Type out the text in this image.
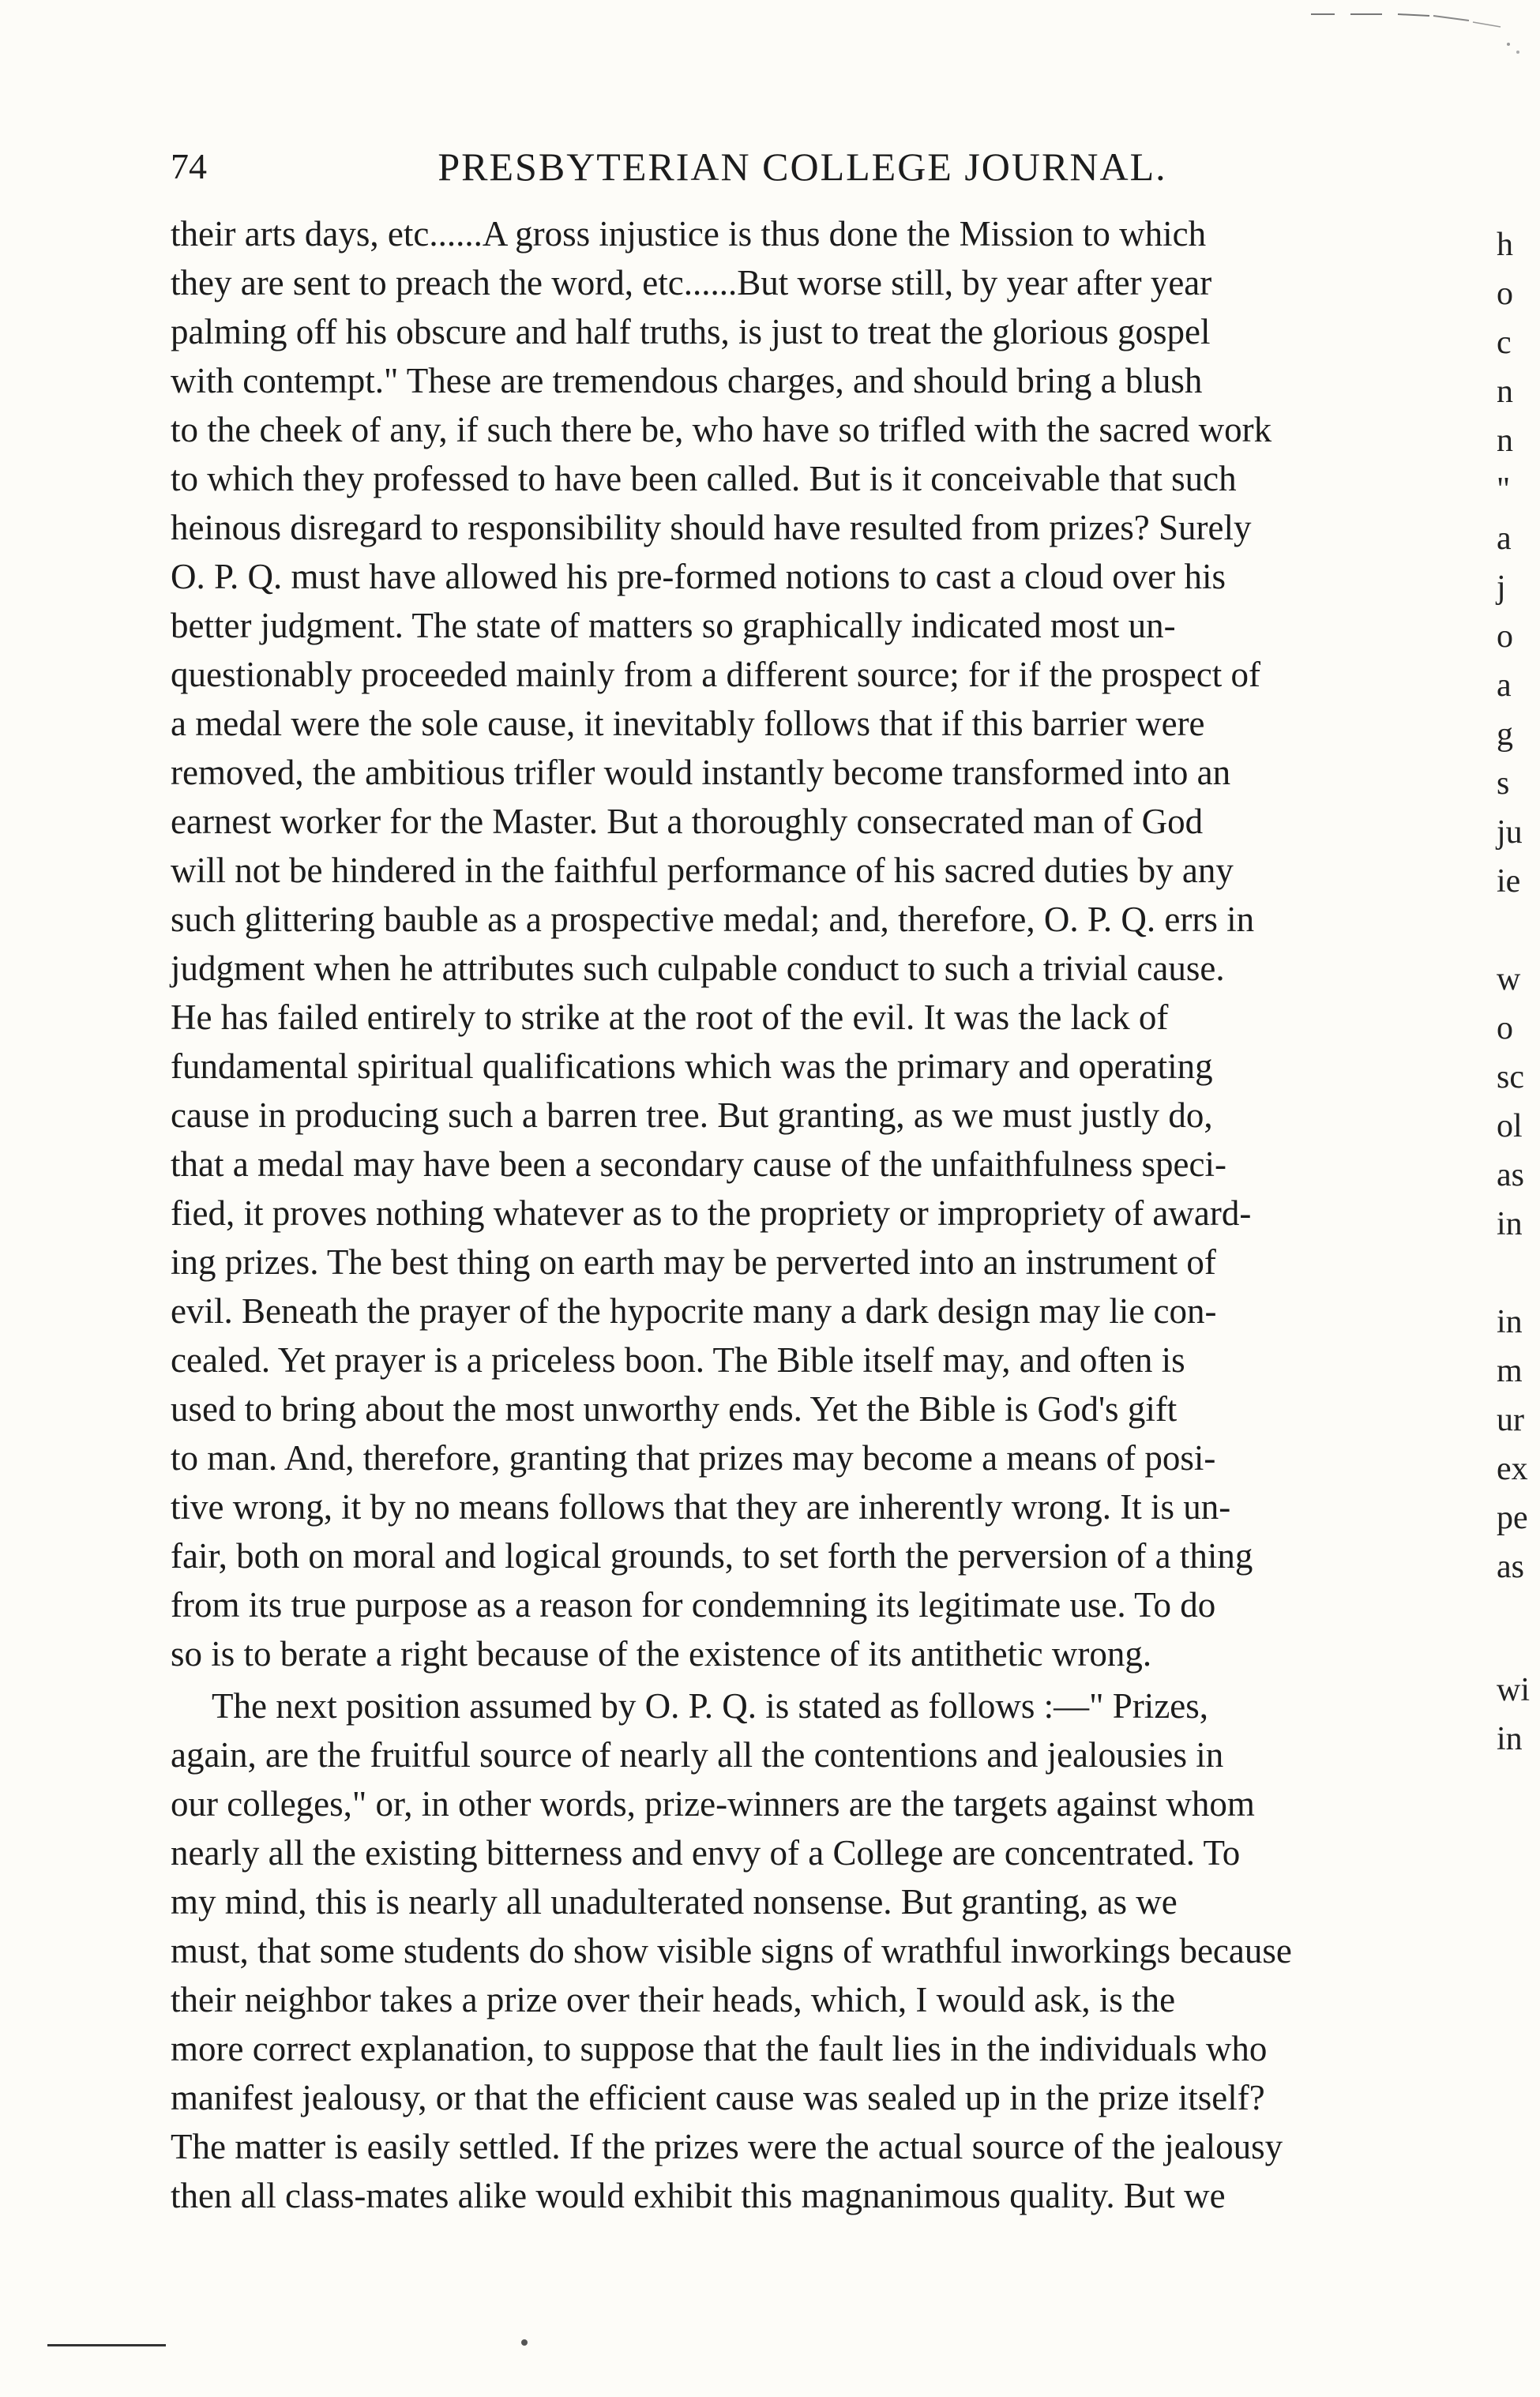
74	PRESBYTERIAN COLLEGE JOURNAL.
their arts days, etc......A gross injustice is thus done the Mission to which
they are sent to preach the word, etc......But worse still, by year after year
palming off his obscure and half truths, is just to treat the glorious gospel
with contempt." These are tremendous charges, and should bring a blush
to the cheek of any, if such there be, who have so trifled with the sacred work
to which they professed to have been called. But is it conceivable that such
heinous disregard to responsibility should have resulted from prizes? Surely
O. P. Q. must have allowed his pre-formed notions to cast a cloud over his
better judgment. The state of matters so graphically indicated most un-
questionably proceeded mainly from a different source; for if the prospect of
a medal were the sole cause, it inevitably follows that if this barrier were
removed, the ambitious trifler would instantly become transformed into an
earnest worker for the Master. But a thoroughly consecrated man of God
will not be hindered in the faithful performance of his sacred duties by any
such glittering bauble as a prospective medal; and, therefore, O. P. Q. errs in
judgment when he attributes such culpable conduct to such a trivial cause.
He has failed entirely to strike at the root of the evil. It was the lack of
fundamental spiritual qualifications which was the primary and operating
cause in producing such a barren tree. But granting, as we must justly do,
that a medal may have been a secondary cause of the unfaithfulness speci-
fied, it proves nothing whatever as to the propriety or impropriety of award-
ing prizes. The best thing on earth may be perverted into an instrument of
evil. Beneath the prayer of the hypocrite many a dark design may lie con-
cealed. Yet prayer is a priceless boon. The Bible itself may, and often is
used to bring about the most unworthy ends. Yet the Bible is God's gift
to man. And, therefore, granting that prizes may become a means of posi-
tive wrong, it by no means follows that they are inherently wrong. It is un-
fair, both on moral and logical grounds, to set forth the perversion of a thing
from its true purpose as a reason for condemning its legitimate use. To do
so is to berate a right because of the existence of its antithetic wrong.
The next position assumed by O. P. Q. is stated as follows :—" Prizes,
again, are the fruitful source of nearly all the contentions and jealousies in
our colleges," or, in other words, prize-winners are the targets against whom
nearly all the existing bitterness and envy of a College are concentrated. To
my mind, this is nearly all unadulterated nonsense. But granting, as we
must, that some students do show visible signs of wrathful inworkings because
their neighbor takes a prize over their heads, which, I would ask, is the
more correct explanation, to suppose that the fault lies in the individuals who
manifest jealousy, or that the efficient cause was sealed up in the prize itself?
The matter is easily settled. If the prizes were the actual source of the jealousy
then all class-mates alike would exhibit this magnanimous quality. But we
h
o
c
n
n
"
a
j
o
a
g
s
ju
ie
w
o
sc
ol
as
in
in
m
ur
ex
pe
as
wi
in
